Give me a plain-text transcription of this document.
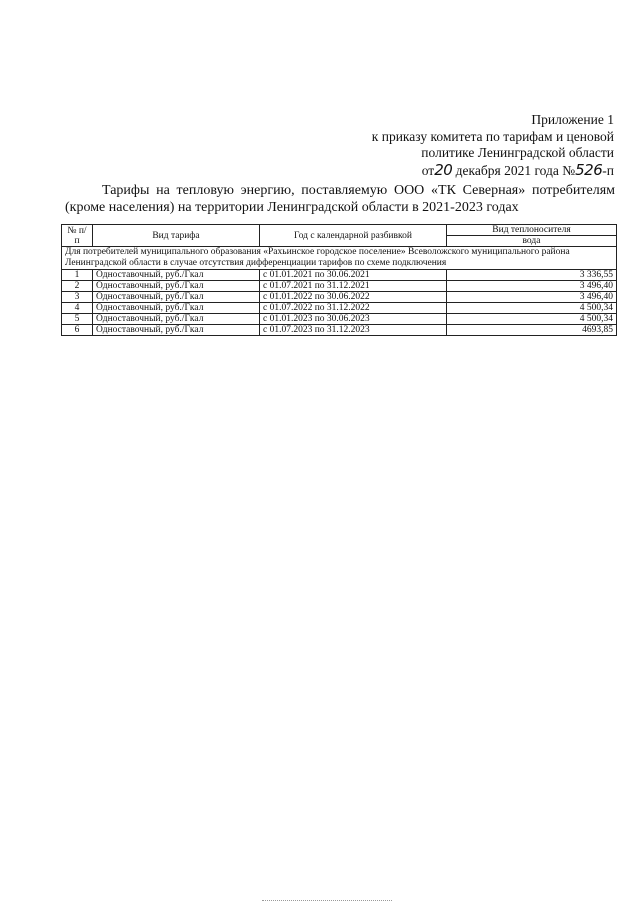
Приложение 1
к приказу комитета по тарифам и ценовой
политике Ленинградской области
от20 декабря 2021 года №526-п
Тарифы на тепловую энергию, поставляемую ООО «ТК Северная» потребителям (кроме населения) на территории Ленинградской области в 2021-2023 годах
№ п/п	Вид тарифа	Год с календарной разбивкой	Вид теплоносителя
			вода
Для потребителей муниципального образования «Рахьинское городское поселение» Всеволожского муниципального района Ленинградской области в случае отсутствия дифференциации тарифов по схеме подключения			
1	Одноставочный, руб./Гкал	с 01.01.2021 по 30.06.2021	3 336,55
2	Одноставочный, руб./Гкал	с 01.07.2021 по 31.12.2021	3 496,40
3	Одноставочный, руб./Гкал	с 01.01.2022 по 30.06.2022	3 496,40
4	Одноставочный, руб./Гкал	с 01.07.2022 по 31.12.2022	4 500,34
5	Одноставочный, руб./Гкал	с 01.01.2023 по 30.06.2023	4 500,34
6	Одноставочный, руб./Гкал	с 01.07.2023 по 31.12.2023	4693,85
